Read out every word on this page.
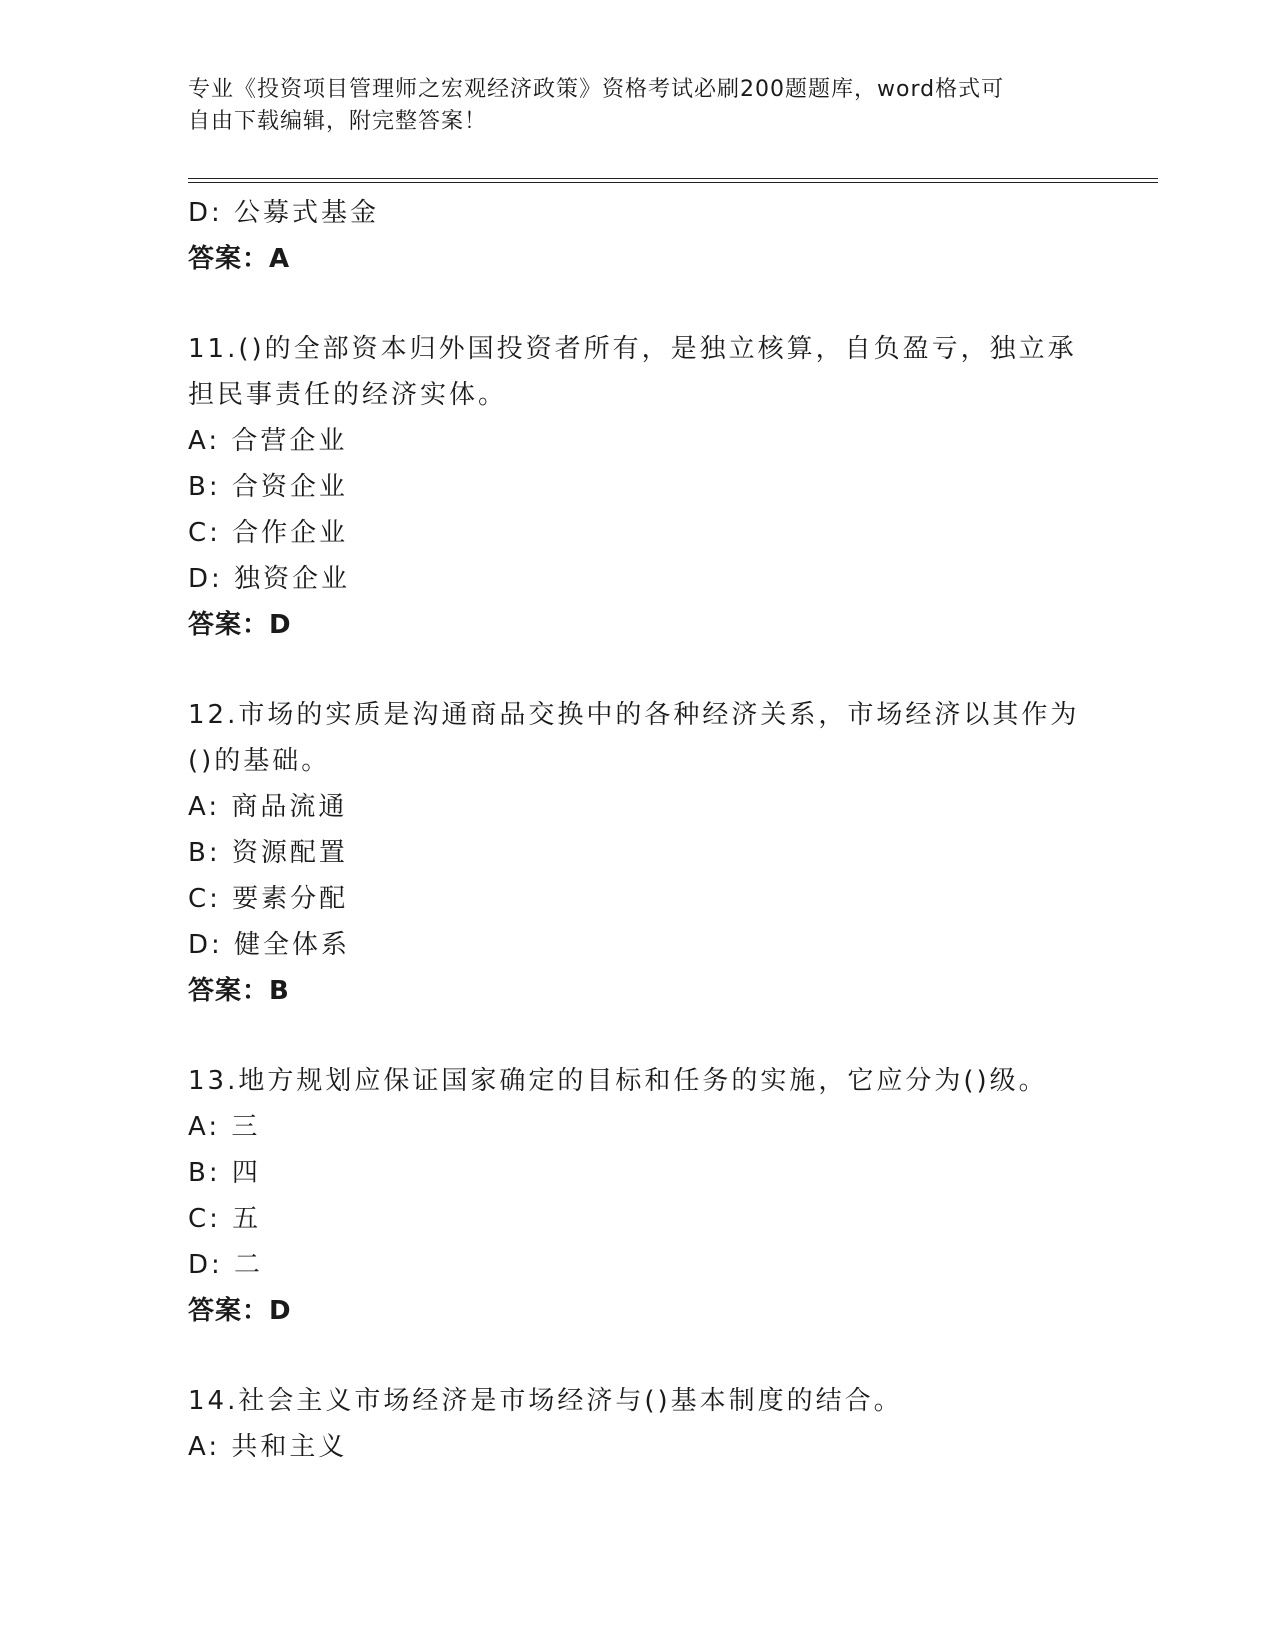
专业《投资项目管理师之宏观经济政策》资格考试必刷200题题库，word格式可
自由下载编辑，附完整答案！
D: 公募式基金
答案：A
11.()的全部资本归外国投资者所有，是独立核算，自负盈亏，独立承
担民事责任的经济实体。
A: 合营企业
B: 合资企业
C: 合作企业
D: 独资企业
答案：D
12.市场的实质是沟通商品交换中的各种经济关系，市场经济以其作为
()的基础。
A: 商品流通
B: 资源配置
C: 要素分配
D: 健全体系
答案：B
13.地方规划应保证国家确定的目标和任务的实施，它应分为()级。
A: 三
B: 四
C: 五
D: 二
答案：D
14.社会主义市场经济是市场经济与()基本制度的结合。
A: 共和主义
